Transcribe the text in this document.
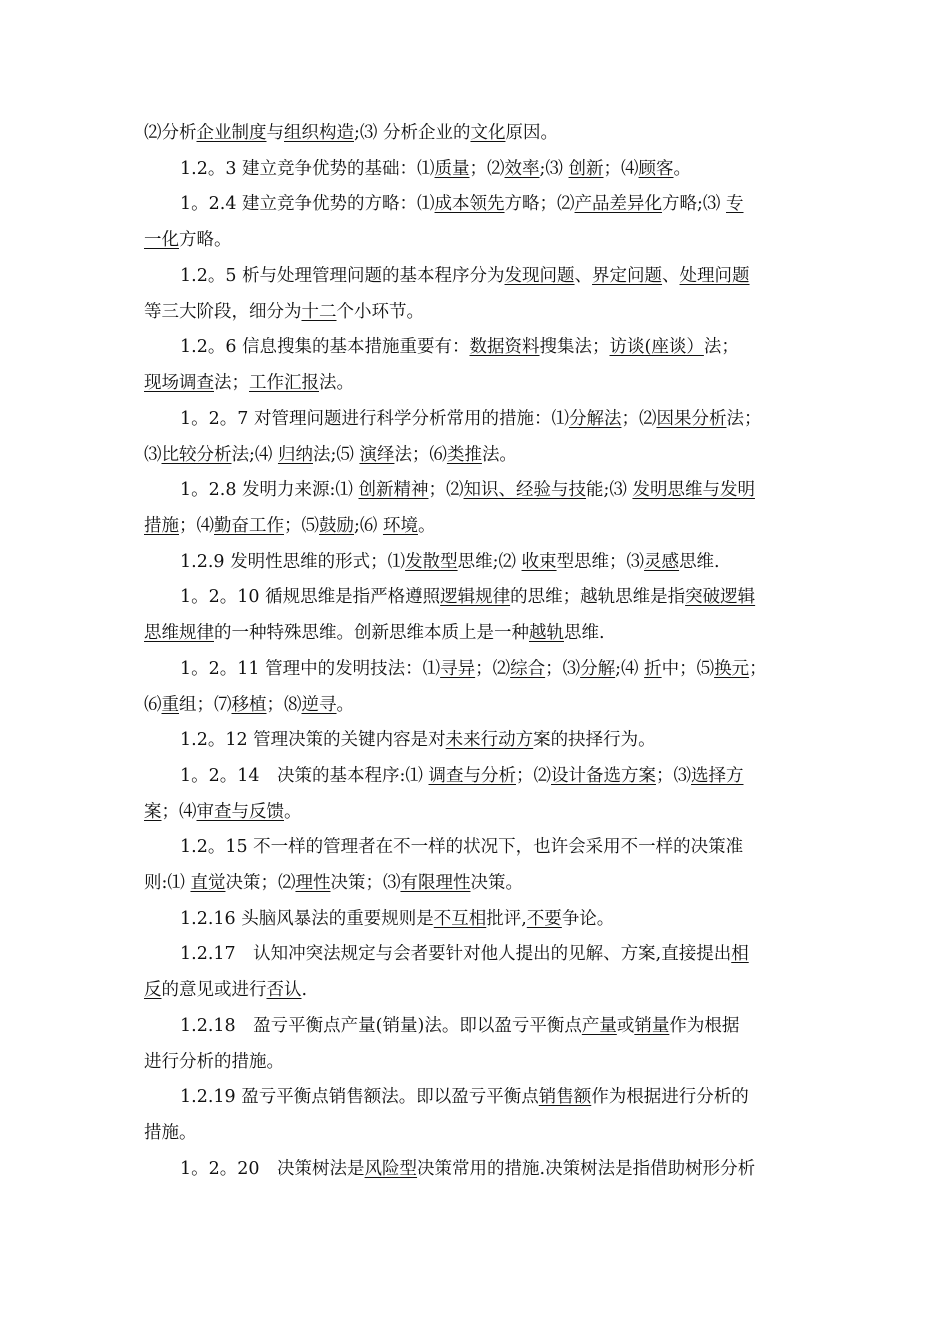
⑵分析企业制度与组织构造;⑶ 分析企业的文化原因。
1.2。3 建立竞争优势的基础：⑴质量；⑵效率;⑶ 创新；⑷顾客。
1。2.4 建立竞争优势的方略：⑴成本领先方略；⑵产品差异化方略;⑶ 专
一化方略。
1.2。5 析与处理管理问题的基本程序分为发现问题、界定问题、处理问题
等三大阶段，细分为十二个小环节。
1.2。6 信息搜集的基本措施重要有：数据资料搜集法；访谈(座谈）法；
现场调查法；工作汇报法。
1。2。7 对管理问题进行科学分析常用的措施：⑴分解法；⑵因果分析法；
⑶比较分析法;⑷ 归纳法;⑸ 演绎法；⑹类推法。
1。2.8 发明力来源:⑴ 创新精神；⑵知识、经验与技能;⑶ 发明思维与发明
措施；⑷勤奋工作；⑸鼓励;⑹ 环境。
1.2.9 发明性思维的形式；⑴发散型思维;⑵ 收束型思维；⑶灵感思维.
1。2。10 循规思维是指严格遵照逻辑规律的思维；越轨思维是指突破逻辑
思维规律的一种特殊思维。创新思维本质上是一种越轨思维.
1。2。11 管理中的发明技法：⑴寻异；⑵综合；⑶分解;⑷ 折中；⑸换元；
⑹重组；⑺移植；⑻逆寻。
1.2。12 管理决策的关键内容是对未来行动方案的抉择行为。
1。2。14　决策的基本程序:⑴ 调查与分析；⑵设计备选方案；⑶选择方
案；⑷审查与反馈。
1.2。15 不一样的管理者在不一样的状况下，也许会采用不一样的决策准
则:⑴ 直觉决策；⑵理性决策；⑶有限理性决策。
1.2.16 头脑风暴法的重要规则是不互相批评,不要争论。
1.2.17　认知冲突法规定与会者要针对他人提出的见解、方案,直接提出相
反的意见或进行否认.
1.2.18　盈亏平衡点产量(销量)法。即以盈亏平衡点产量或销量作为根据
进行分析的措施。
1.2.19 盈亏平衡点销售额法。即以盈亏平衡点销售额作为根据进行分析的
措施。
1。2。20　决策树法是风险型决策常用的措施.决策树法是指借助树形分析
